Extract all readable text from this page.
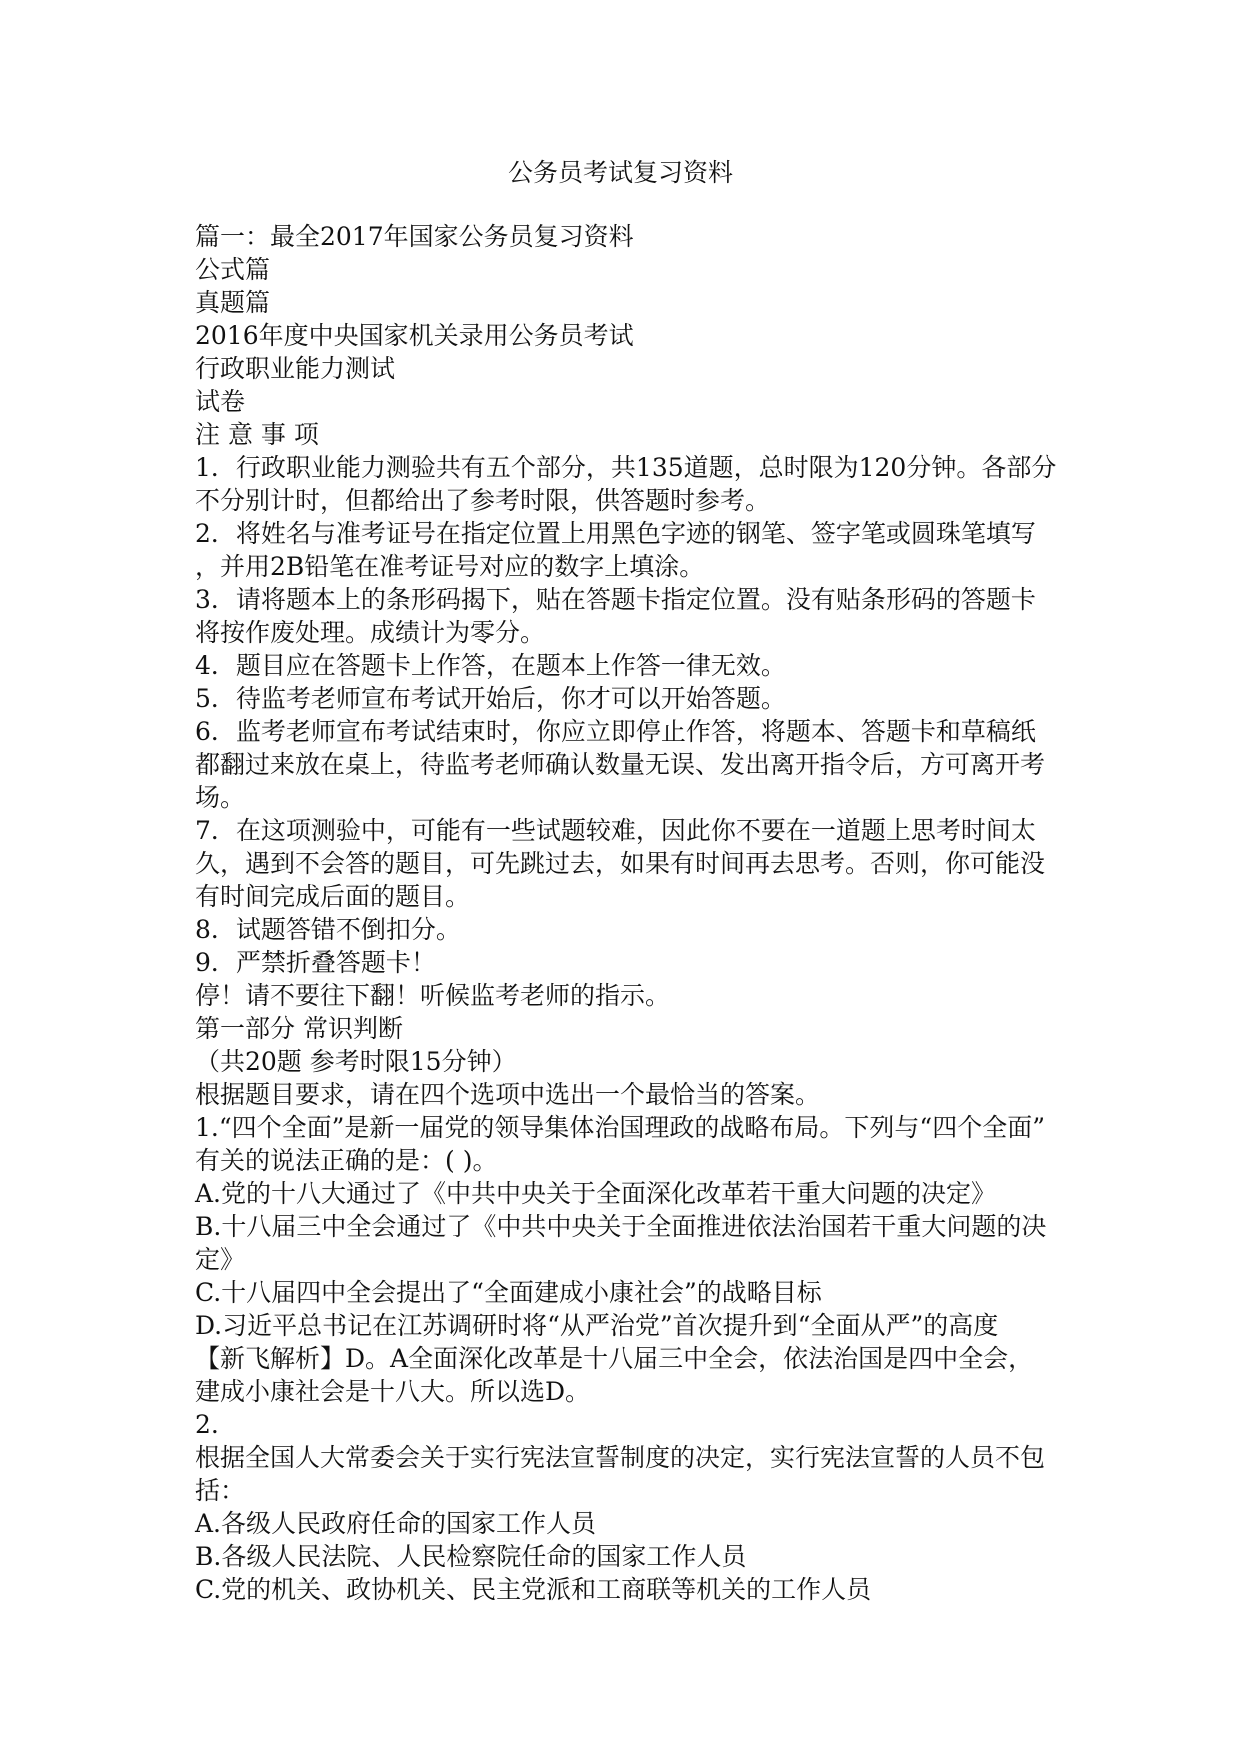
公务员考试复习资料
篇一：最全2017年国家公务员复习资料
公式篇
真题篇
2016年度中央国家机关录用公务员考试
行政职业能力测试
试卷
注 意 事 项
1．行政职业能力测验共有五个部分，共135道题，总时限为120分钟。各部分
不分别计时，但都给出了参考时限，供答题时参考。
2．将姓名与准考证号在指定位置上用黑色字迹的钢笔、签字笔或圆珠笔填写
，并用2B铅笔在准考证号对应的数字上填涂。
3．请将题本上的条形码揭下，贴在答题卡指定位置。没有贴条形码的答题卡
将按作废处理。成绩计为零分。
4．题目应在答题卡上作答，在题本上作答一律无效。
5．待监考老师宣布考试开始后，你才可以开始答题。
6．监考老师宣布考试结束时，你应立即停止作答，将题本、答题卡和草稿纸
都翻过来放在桌上，待监考老师确认数量无误、发出离开指令后，方可离开考
场。
7．在这项测验中，可能有一些试题较难，因此你不要在一道题上思考时间太
久，遇到不会答的题目，可先跳过去，如果有时间再去思考。否则，你可能没
有时间完成后面的题目。
8．试题答错不倒扣分。
9．严禁折叠答题卡！
停！请不要往下翻！听候监考老师的指示。
第一部分 常识判断
（共20题 参考时限15分钟）
根据题目要求，请在四个选项中选出一个最恰当的答案。
1.“四个全面”是新一届党的领导集体治国理政的战略布局。下列与“四个全面”
有关的说法正确的是：( )。
A.党的十八大通过了《中共中央关于全面深化改革若干重大问题的决定》
B.十八届三中全会通过了《中共中央关于全面推进依法治国若干重大问题的决
定》
C.十八届四中全会提出了“全面建成小康社会”的战略目标
D.习近平总书记在江苏调研时将“从严治党”首次提升到“全面从严”的高度
【新飞解析】D。A全面深化改革是十八届三中全会，依法治国是四中全会，
建成小康社会是十八大。所以选D。
2.
根据全国人大常委会关于实行宪法宣誓制度的决定，实行宪法宣誓的人员不包
括：
A.各级人民政府任命的国家工作人员
B.各级人民法院、人民检察院任命的国家工作人员
C.党的机关、政协机关、民主党派和工商联等机关的工作人员
